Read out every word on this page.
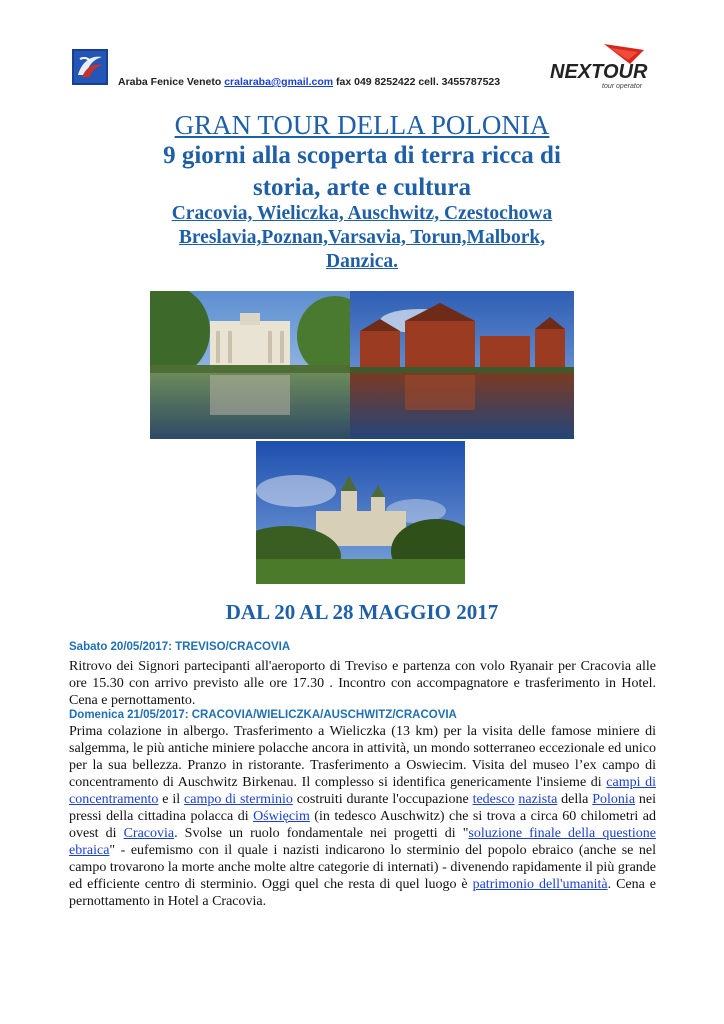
Araba Fenice Veneto cralaraba@gmail.com fax 049 8252422 cell. 3455787523 NEXTOUR
tour operator
GRAN TOUR DELLA POLONIA
9 giorni alla scoperta di terra ricca di
storia, arte e cultura
Cracovia, Wieliczka, Auschwitz, Czestochowa
Breslavia,Poznan,Varsavia, Torun,Malbork,
Danzica.
DAL 20 AL 28 MAGGIO 2017
Sabato 20/05/2017: TREVISO/CRACOVIA
Ritrovo dei Signori partecipanti all'aeroporto di Treviso e partenza con volo Ryanair per Cracovia alle ore 15.30 con arrivo previsto alle ore 17.30 . Incontro con accompagnatore e trasferimento in Hotel. Cena e pernottamento.
Domenica 21/05/2017: CRACOVIA/WIELICZKA/AUSCHWITZ/CRACOVIA
Prima colazione in albergo. Trasferimento a Wieliczka (13 km) per la visita delle famose miniere di salgemma, le più antiche miniere polacche ancora in attività, un mondo sotterraneo eccezionale ed unico per la sua bellezza. Pranzo in ristorante. Trasferimento a Oswiecim. Visita del museo l’ex campo di concentramento di Auschwitz Birkenau. Il complesso si identifica genericamente l'insieme di campi di concentramento e il campo di sterminio costruiti durante l'occupazione tedesco nazista della Polonia nei pressi della cittadina polacca di Oświęcim (in tedesco Auschwitz) che si trova a circa 60 chilometri ad ovest di Cracovia. Svolse un ruolo fondamentale nei progetti di "soluzione finale della questione ebraica" - eufemismo con il quale i nazisti indicarono lo sterminio del popolo ebraico (anche se nel campo trovarono la morte anche molte altre categorie di internati) - divenendo rapidamente il più grande ed efficiente centro di sterminio. Oggi quel che resta di quel luogo è patrimonio dell'umanità. Cena e pernottamento in Hotel a Cracovia.
